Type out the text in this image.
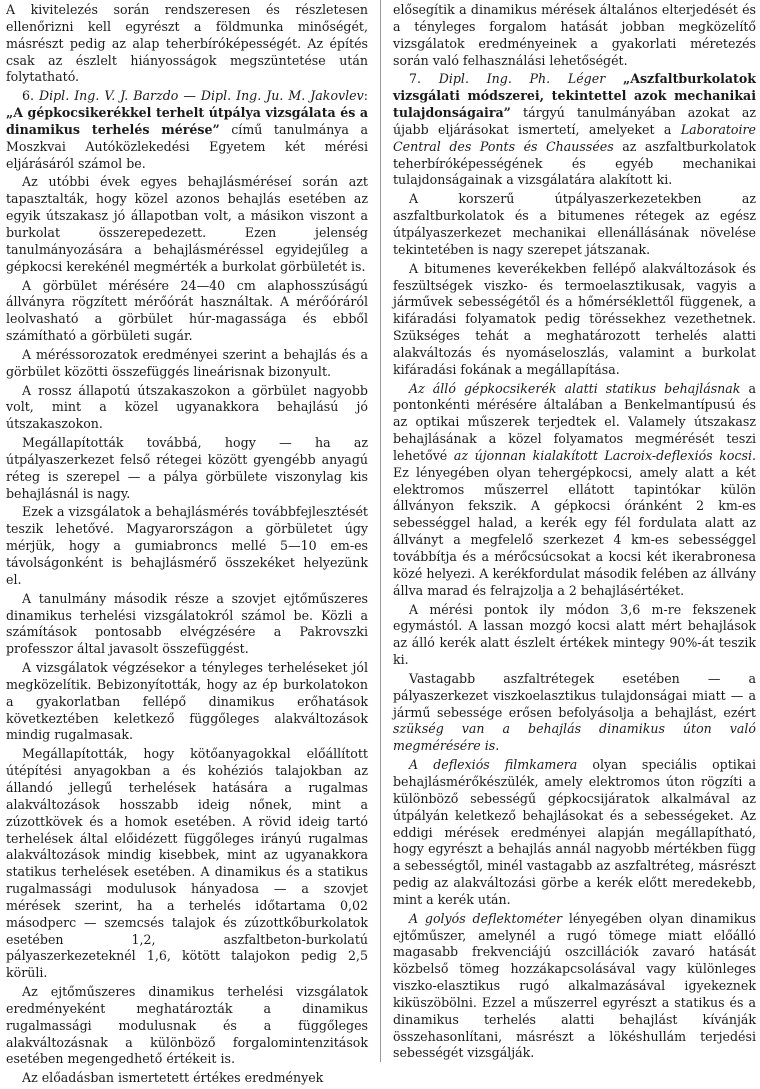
A kivitelezés során rendszeresen és részletesen ellenőrizni kell egyrészt a földmunka minőségét, másrészt pedig az alap teherbíróképességét. Az építés csak az észlelt hiányosságok megszüntetése után folytatható.

6. Dipl. Ing. V. J. Barzdo — Dipl. Ing. Ju. M. Jakovlev: „A gépkocsikerékkel terhelt útpálya vizsgálata és a dinamikus terhelés mérése” című tanulmánya a Moszkvai Autóközlekedési Egyetem két mérési eljárásáról számol be.

Az utóbbi évek egyes behajlásméréseí során azt tapasztalták, hogy közel azonos behajlás esetében az egyik útszakasz jó állapotban volt, a másikon viszont a burkolat összerepedezett. Ezen jelenség tanulmányozására a behajlásméréssel egyidejűleg a gépkocsi kerekénél megmérték a burkolat görbületét is.

A görbület mérésére 24—40 cm alaphosszúságú állványra rögzített mérőórát használtak. A mérőóráról leolvasható a görbület húr-magassága és ebből számítható a görbületi sugár.

A méréssorozatok eredményei szerint a behajlás és a görbület közötti összefüggés lineárisnak bizonyult.

A rossz állapotú útszakaszokon a görbület nagyobb volt, mint a közel ugyanakkora behajlású jó útszakaszokon.

Megállapították továbbá, hogy — ha az útpályaszerkezet felső rétegei között gyengébb anyagú réteg is szerepel — a pálya görbülete viszonylag kis behajlásnál is nagy.

Ezek a vizsgálatok a behajlásmérés továbbfejlesztését teszik lehetővé. Magyarországon a görbületet úgy mérjük, hogy a gumiabroncs mellé 5—10 em-es távolságonként is behajlásmérő összekéket helyezünk el.

A tanulmány második része a szovjet ejtőműszeres dinamikus terhelési vizsgálatokról számol be. Közli a számítások pontosabb elvégzésére a Pakrovszki professzor által javasolt összefüggést.

A vizsgálatok végzésekor a tényleges terheléseket jól megközelítik. Bebizonyították, hogy az ép burkolatokon a gyakorlatban fellépő dinamikus erőhatások következtében keletkező függőleges alakváltozások mindig rugalmasak.

Megállapították, hogy kötőanyagokkal előállított útépítési anyagokban a és kohéziós talajokban az állandó jellegű terhelések hatására a rugalmas alakváltozások hosszabb ideig nőnek, mint a zúzottkövek és a homok esetében. A rövid ideig tartó terhelések által előidézett függőleges irányú rugalmas alakváltozások mindig kisebbek, mint az ugyanakkora statikus terhelések esetében. A dinamikus és a statikus rugalmassági modulusok hányadosa — a szovjet mérések szerint, ha a terhelés időtartama 0,02 másodperc — szemcsés talajok és zúzottkőburkolatok esetében 1,2, aszfaltbeton-burkolatú pályaszerkezeteknél 1,6, kötött talajokon pedig 2,5 körüli.

Az ejtőműszeres dinamikus terhelési vizsgálatok eredményeként meghatározták a dinamikus rugalmassági modulusnak és a függőleges alakváltozásnak a különböző forgalomintenzitások esetében megengedhető értékeit is.

Az előadásban ismertetett értékes eredmények

elősegítik a dinamikus mérések általános elterjedését és a tényleges forgalom hatását jobban megközelítő vizsgálatok eredményeinek a gyakorlati méretezés során való felhasználási lehetőségét.

7. Dipl. Ing. Ph. Léger „Aszfaltburkolatok vizsgálati módszerei, tekintettel azok mechanikai tulajdonságaira” tárgyú tanulmányában azokat az újabb eljárásokat ismertetí, amelyeket a Laboratoire Central des Ponts és Chaussées az aszfaltburkolatok teherbíróképességének és egyéb mechanikai tulajdonságainak a vizsgálatára alakított ki.

A korszerű útpályaszerkezetekben az aszfaltburkolatok és a bitumenes rétegek az egész útpályaszerkezet mechanikai ellenállásának növelése tekintetében is nagy szerepet játszanak.

A bitumenes keverékekben fellépő alakváltozások és feszültségek viszko- és termoelasztikusak, vagyis a járművek sebességétől és a hőmérséklettől függenek, a kifáradási folyamatok pedig töréssekhez vezethetnek. Szükséges tehát a meghatározott terhelés alatti alakváltozás és nyomáseloszlás, valamint a burkolat kifáradási fokának a megállapítása.

Az álló gépkocsikerék alatti statikus behajlásnak a pontonkénti mérésére általában a Benkelmantípusú és az optikai műszerek terjedtek el. Valamely útszakasz behajlásának a közel folyamatos megmérését teszi lehetővé az újonnan kialakított Lacroix-deflexiós kocsi. Ez lényegében olyan tehergépkocsi, amely alatt a két elektromos műszerrel ellátott tapintókar külön állványon fekszik. A gépkocsi óránként 2 km-es sebességgel halad, a kerék egy fél fordulata alatt az állványt a megfelelő szerkezet 4 km-es sebességgel továbbítja és a mérőcsúcsokat a kocsi két ikerabronesa közé helyezi. A kerékfordulat második felében az állvány állva marad és felrajzolja a 2 behajlásértéket.

A mérési pontok ily módon 3,6 m-re fekszenek egymástól. A lassan mozgó kocsi alatt mért behajlások az álló kerék alatt észlelt értékek mintegy 90%-át teszik ki.

Vastagabb aszfaltrétegek esetében — a pályaszerkezet viszkoelasztikus tulajdonságai miatt — a jármű sebessége erősen befolyásolja a behajlást, ezért szükség van a behajlás dinamikus úton való megmérésére is.

A deflexiós filmkamera olyan speciális optikai behajlásmérőkészülék, amely elektromos úton rögzíti a különböző sebességű gépkocsijáratok alkalmával az útpályán keletkező behajlásokat és a sebességeket. Az eddigi mérések eredményei alapján megállapítható, hogy egyrészt a behajlás annál nagyobb mértékben függ a sebességtől, minél vastagabb az aszfaltréteg, másrészt pedig az alakváltozási görbe a kerék előtt meredekebb, mint a kerék után.

A golyós deflektométer lényegében olyan dinamikus ejtőműszer, amelynél a rugó tömege miatt előálló magasabb frekvenciájú oszcillációk zavaró hatását közbelső tömeg hozzákapcsolásával vagy különleges viszko-elasztikus rugó alkalmazásával igyekeznek kiküszöbölni. Ezzel a műszerrel egyrészt a statikus és a dinamikus terhelés alatti behajlást kívánják összehasonlítani, másrészt a lökéshullám terjedési sebességét vizsgálják.
